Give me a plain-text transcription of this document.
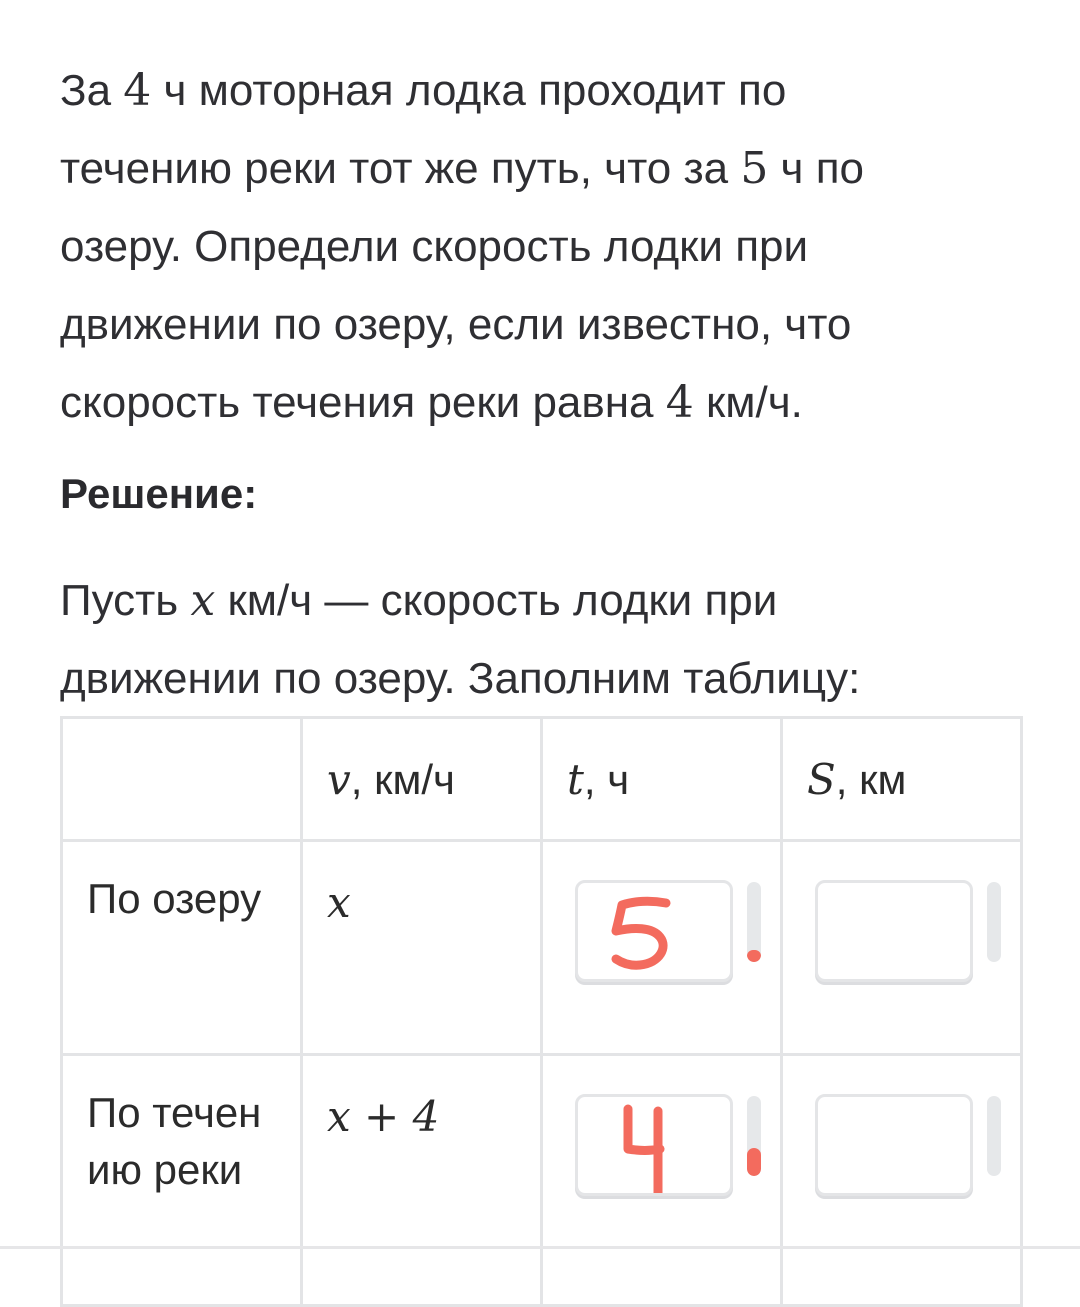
За 4 ч моторная лодка проходит по
течению реки тот же путь, что за 5 ч по
озеру. Определи скорость лодки при
движении по озеру, если известно, что
скорость течения реки равна 4 км/ч.
Решение:
Пусть x км/ч — скорость лодки при
движении по озеру. Заполним таблицу:
	v, км/ч	t, ч	S, км
По озеру	x	

По течению реки	x + 4	
